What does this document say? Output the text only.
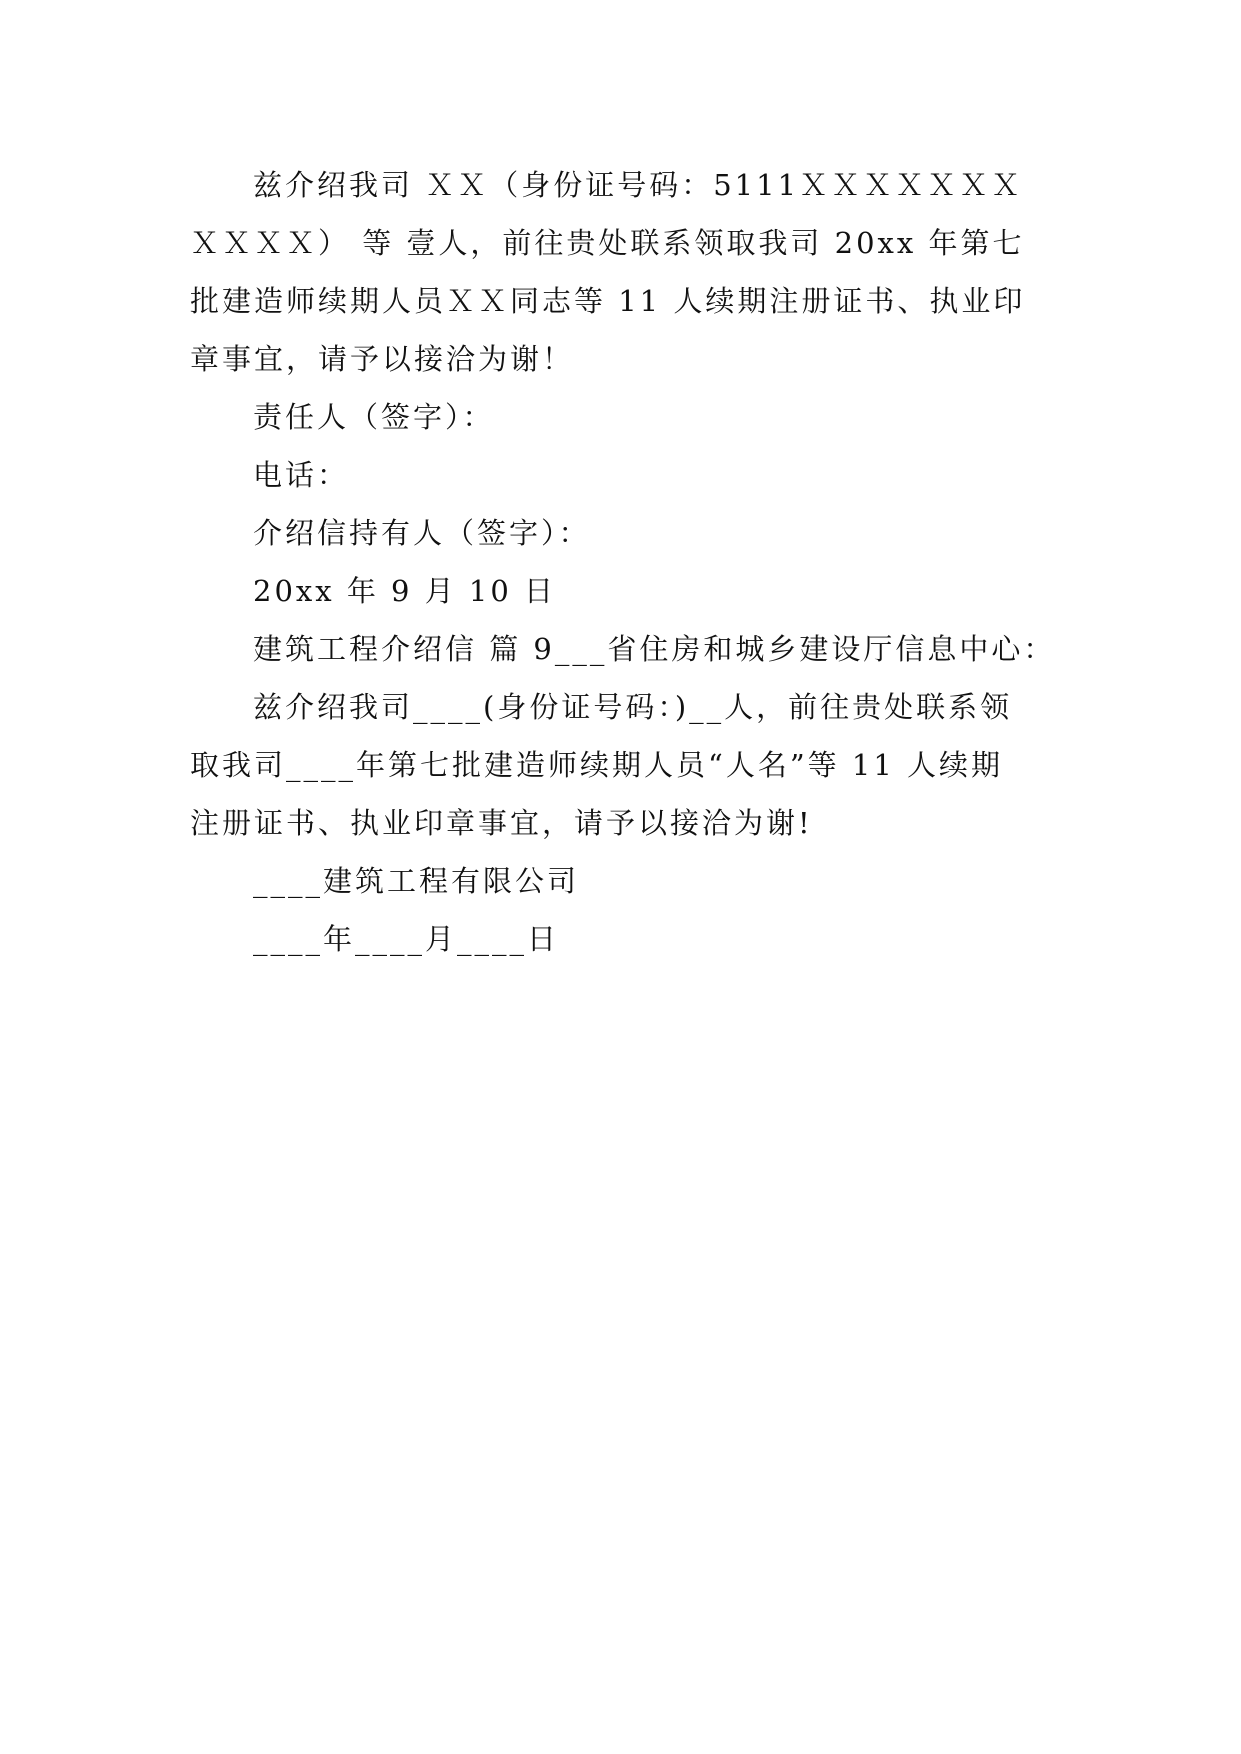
兹介绍我司 ＸＸ（身份证号码：5111ＸＸＸＸＸＸＸ
ＸＸＸＸ） 等 壹人，前往贵处联系领取我司 20xx 年第七
批建造师续期人员ＸＸ同志等 11 人续期注册证书、执业印
章事宜，请予以接洽为谢！
责任人（签字）：
电话：
介绍信持有人（签字）：
20xx 年 9 月 10 日
建筑工程介绍信 篇 9___省住房和城乡建设厅信息中心：
兹介绍我司____(身份证号码：)__人，前往贵处联系领
取我司____年第七批建造师续期人员“人名”等 11 人续期
注册证书、执业印章事宜，请予以接洽为谢!
____建筑工程有限公司
____年____月____日
